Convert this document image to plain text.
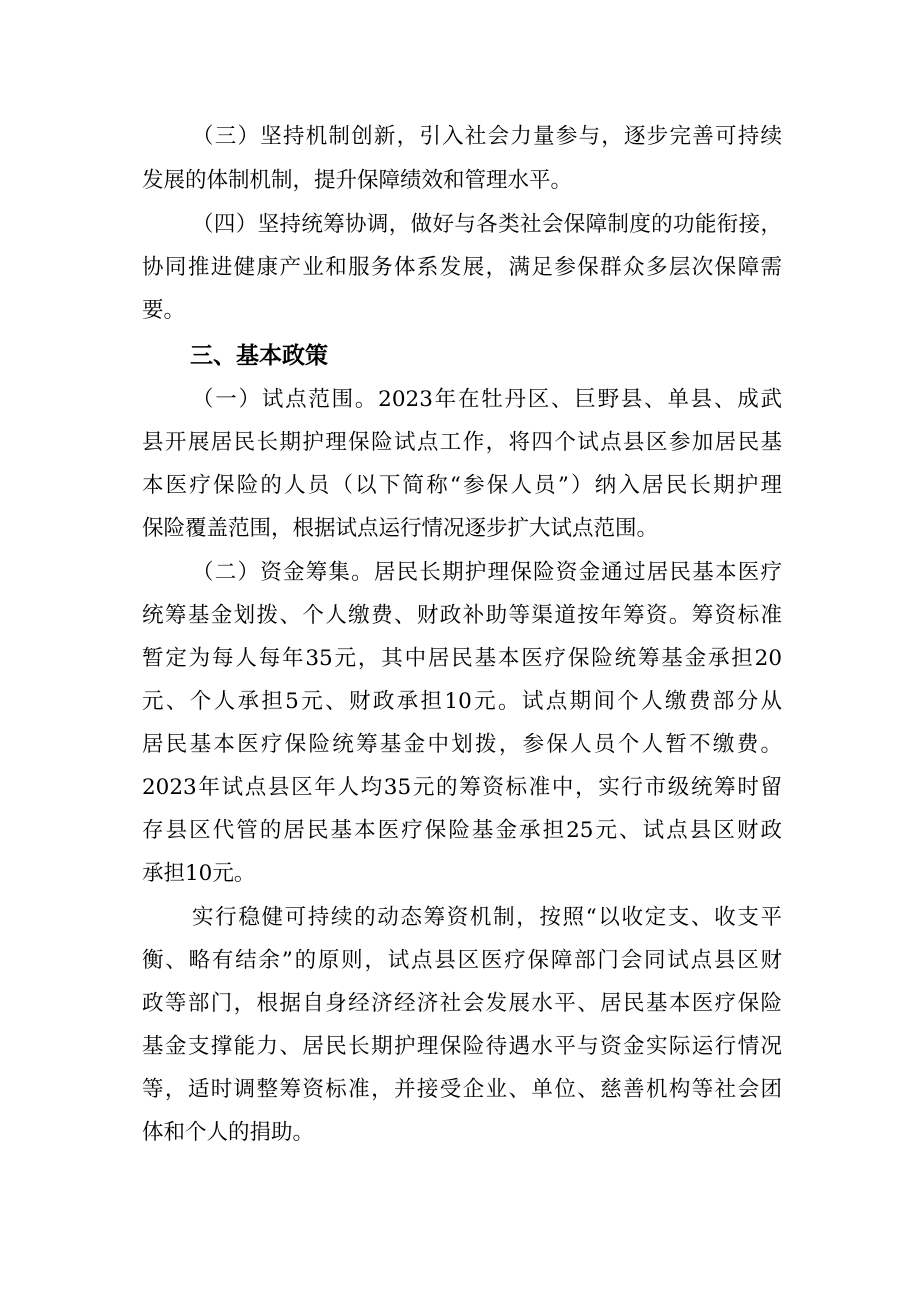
（三）坚持机制创新，引入社会力量参与，逐步完善可持续
发展的体制机制，提升保障绩效和管理水平。
（四）坚持统筹协调，做好与各类社会保障制度的功能衔接，
协同推进健康产业和服务体系发展，满足参保群众多层次保障需
要。
三、基本政策
（一）试点范围。2023年在牡丹区、巨野县、单县、成武
县开展居民长期护理保险试点工作，将四个试点县区参加居民基
本医疗保险的人员（以下简称“参保人员”）纳入居民长期护理
保险覆盖范围，根据试点运行情况逐步扩大试点范围。
（二）资金筹集。居民长期护理保险资金通过居民基本医疗
统筹基金划拨、个人缴费、财政补助等渠道按年筹资。筹资标准
暂定为每人每年35元，其中居民基本医疗保险统筹基金承担20
元、个人承担5元、财政承担10元。试点期间个人缴费部分从
居民基本医疗保险统筹基金中划拨，参保人员个人暂不缴费。
2023年试点县区年人均35元的筹资标准中，实行市级统筹时留
存县区代管的居民基本医疗保险基金承担25元、试点县区财政
承担10元。
实行稳健可持续的动态筹资机制，按照“以收定支、收支平
衡、略有结余”的原则，试点县区医疗保障部门会同试点县区财
政等部门，根据自身经济经济社会发展水平、居民基本医疗保险
基金支撑能力、居民长期护理保险待遇水平与资金实际运行情况
等，适时调整筹资标准，并接受企业、单位、慈善机构等社会团
体和个人的捐助。
